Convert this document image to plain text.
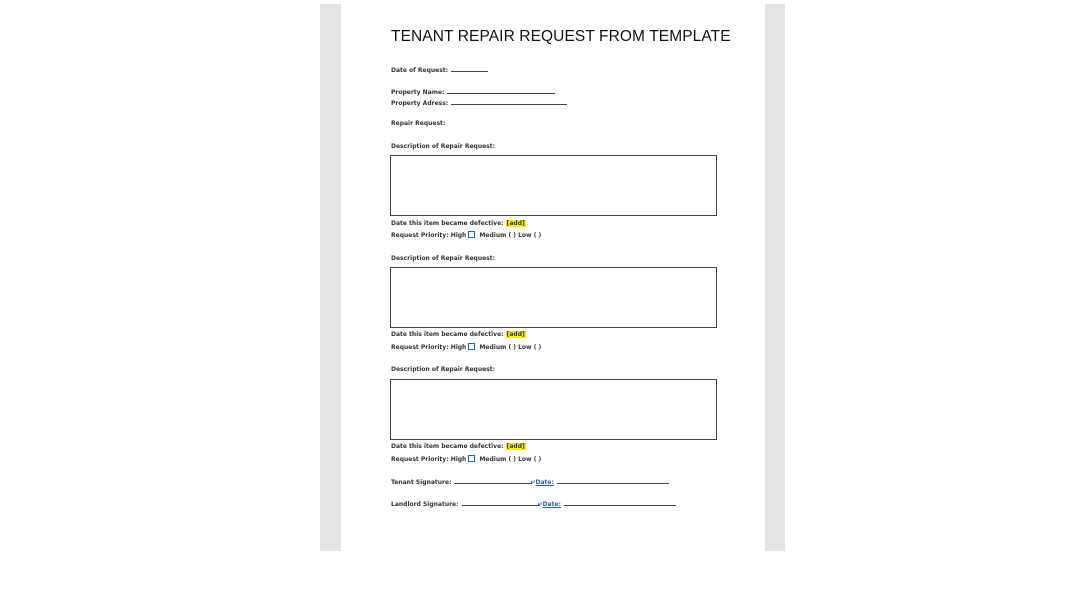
TENANT REPAIR REQUEST FROM TEMPLATE
Date of Request:
Property Name:
Property Adress:
Repair Request:
Description of Repair Request:
Date this item became defective: [add]
Request Priority: High Medium ( ) Low ( )
Description of Repair Request:
Date this item became defective: [add]
Request Priority: High Medium ( ) Low ( )
Description of Repair Request:
Date this item became defective: [add]
Request Priority: High Medium ( ) Low ( )
Tenant Signature:	↵Date:
Landlord Signature:	↵Date:
